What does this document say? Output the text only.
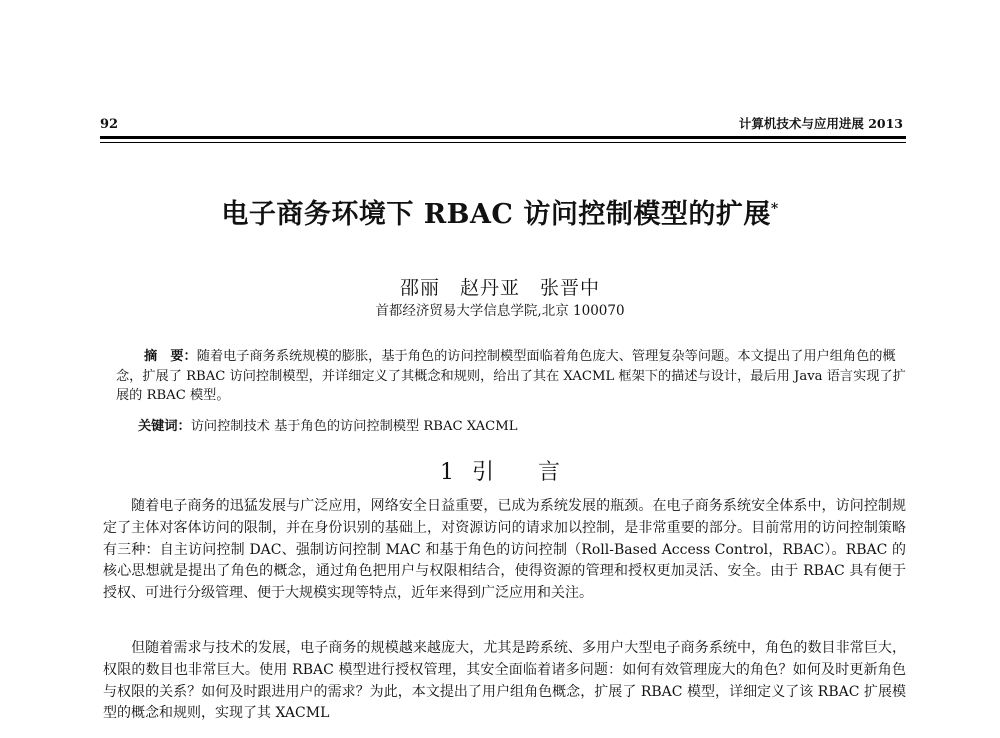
92	计算机技术与应用进展 2013
电子商务环境下 RBAC 访问控制模型的扩展*
邵丽　赵丹亚　张晋中
首都经济贸易大学信息学院,北京 100070
摘　要：随着电子商务系统规模的膨胀，基于角色的访问控制模型面临着角色庞大、管理复杂等问题。本文提出了用户组角色的概念，扩展了 RBAC 访问控制模型，并详细定义了其概念和规则，给出了其在 XACML 框架下的描述与设计，最后用 Java 语言实现了扩展的 RBAC 模型。
关键词：访问控制技术 基于角色的访问控制模型 RBAC XACML
1 引　　言
随着电子商务的迅猛发展与广泛应用，网络安全日益重要，已成为系统发展的瓶颈。在电子商务系统安全体系中，访问控制规定了主体对客体访问的限制，并在身份识别的基础上，对资源访问的请求加以控制，是非常重要的部分。目前常用的访问控制策略有三种：自主访问控制 DAC、强制访问控制 MAC 和基于角色的访问控制（Roll-Based Access Control，RBAC）。RBAC 的核心思想就是提出了角色的概念，通过角色把用户与权限相结合，使得资源的管理和授权更加灵活、安全。由于 RBAC 具有便于授权、可进行分级管理、便于大规模实现等特点，近年来得到广泛应用和关注。
但随着需求与技术的发展，电子商务的规模越来越庞大，尤其是跨系统、多用户大型电子商务系统中，角色的数目非常巨大，权限的数目也非常巨大。使用 RBAC 模型进行授权管理，其安全面临着诸多问题：如何有效管理庞大的角色？如何及时更新角色与权限的关系？如何及时跟进用户的需求？为此，本文提出了用户组角色概念，扩展了 RBAC 模型，详细定义了该 RBAC 扩展模型的概念和规则，实现了其 XACML
